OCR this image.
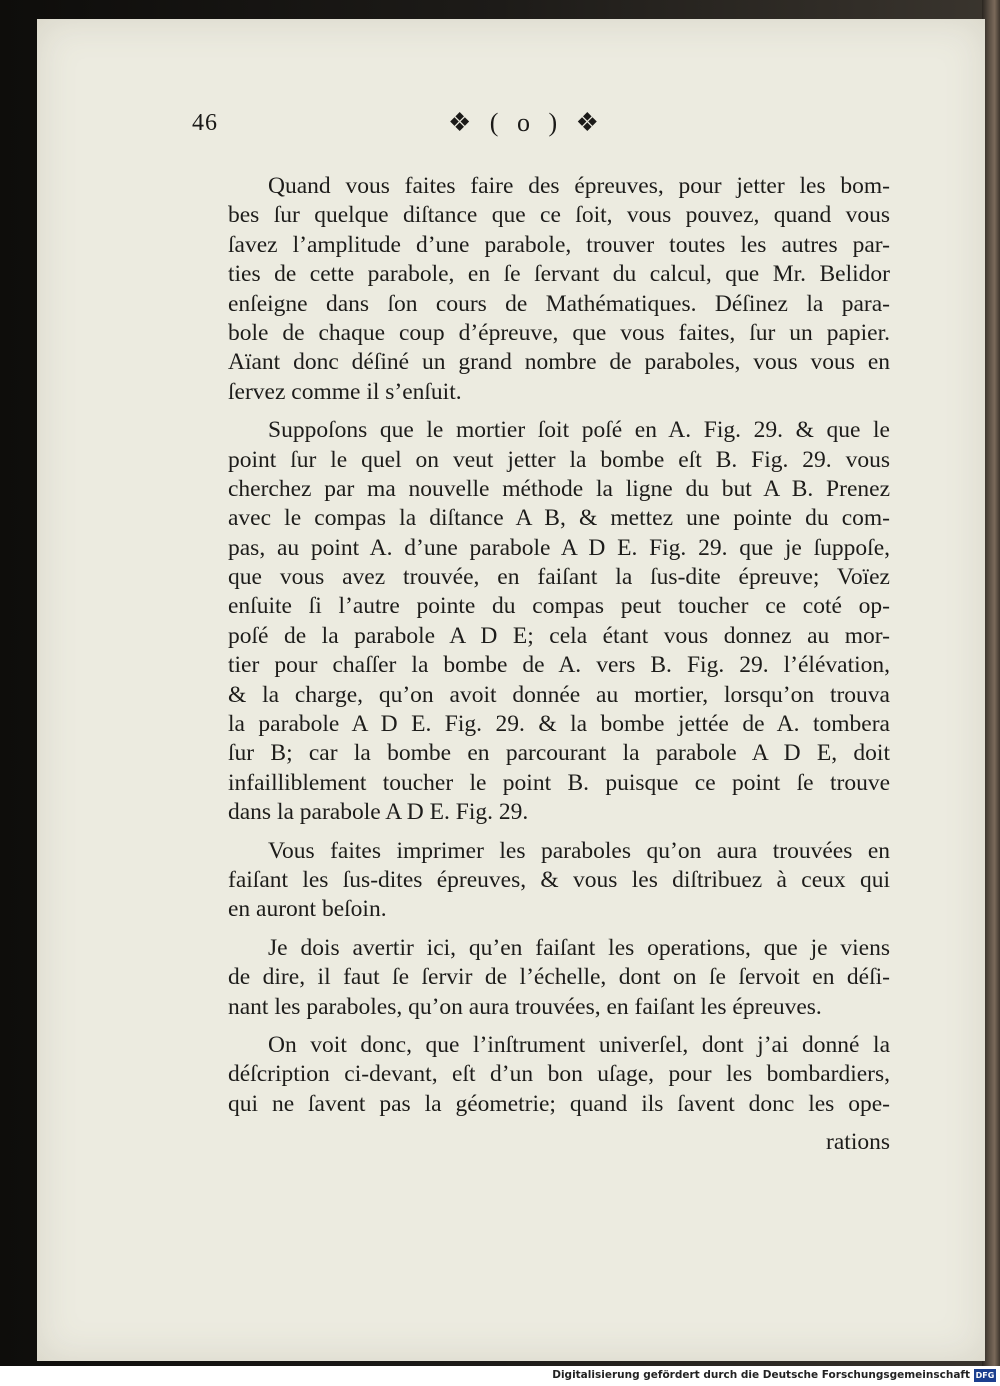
46	❖ ( o ) ❖
Quand vous faites faire des épreuves, pour jetter les bom-
bes ſur quelque diſtance que ce ſoit, vous pouvez, quand vous
ſavez l’amplitude d’une parabole, trouver toutes les autres par-
ties de cette parabole, en ſe ſervant du calcul, que Mr. Belidor
enſeigne dans ſon cours de Mathématiques. Déſinez la para-
bole de chaque coup d’épreuve, que vous faites, ſur un papier.
Aïant donc déſiné un grand nombre de paraboles, vous vous en
ſervez comme il s’enſuit.
Suppoſons que le mortier ſoit poſé en A. Fig. 29. & que le
point ſur le quel on veut jetter la bombe eſt B. Fig. 29. vous
cherchez par ma nouvelle méthode la ligne du but A B. Prenez
avec le compas la diſtance A B, & mettez une pointe du com-
pas, au point A. d’une parabole A D E. Fig. 29. que je ſuppoſe,
que vous avez trouvée, en faiſant la ſus-dite épreuve; Voïez
enſuite ſi l’autre pointe du compas peut toucher ce coté op-
poſé de la parabole A D E; cela étant vous donnez au mor-
tier pour chaſſer la bombe de A. vers B. Fig. 29. l’élévation,
& la charge, qu’on avoit donnée au mortier, lorsqu’on trouva
la parabole A D E. Fig. 29. & la bombe jettée de A. tombera
ſur B; car la bombe en parcourant la parabole A D E, doit
infailliblement toucher le point B. puisque ce point ſe trouve
dans la parabole A D E. Fig. 29.
Vous faites imprimer les paraboles qu’on aura trouvées en
faiſant les ſus-dites épreuves, & vous les diſtribuez à ceux qui
en auront beſoin.
Je dois avertir ici, qu’en faiſant les operations, que je viens
de dire, il faut ſe ſervir de l’échelle, dont on ſe ſervoit en déſi-
nant les paraboles, qu’on aura trouvées, en faiſant les épreuves.
On voit donc, que l’inſtrument univerſel, dont j’ai donné la
déſcription ci-devant, eſt d’un bon uſage, pour les bombardiers,
qui ne ſavent pas la géometrie; quand ils ſavent donc les ope-
rations
Digitalisierung gefördert durch die Deutsche Forschungsgemeinschaft DFG
